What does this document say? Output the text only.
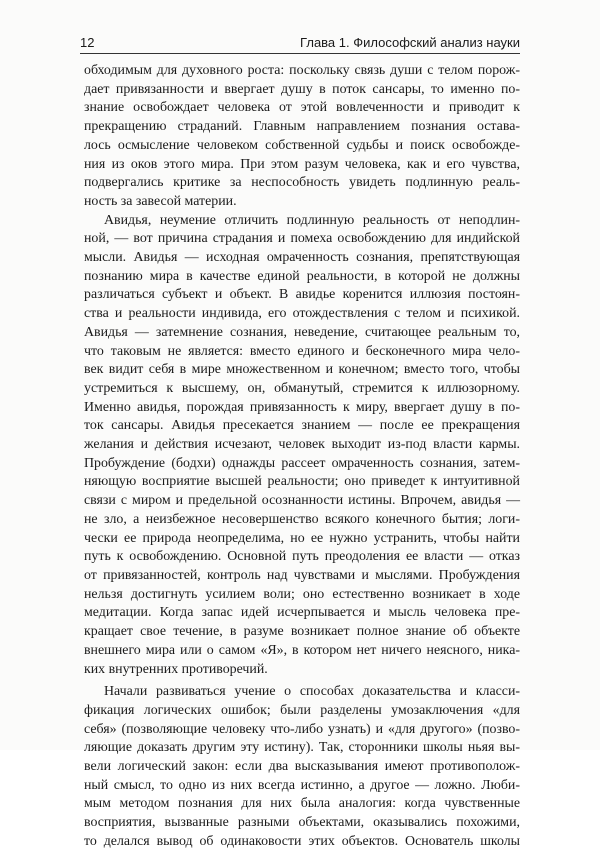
12	Глава 1. Философский анализ науки
обходимым для духовного роста: поскольку связь души с телом порож-
дает привязанности и ввергает душу в поток сансары, то именно по-
знание освобождает человека от этой вовлеченности и приводит к
прекращению страданий. Главным направлением познания остава-
лось осмысление человеком собственной судьбы и поиск освобожде-
ния из оков этого мира. При этом разум человека, как и его чувства,
подвергались критике за неспособность увидеть подлинную реаль-
ность за завесой материи.
Авидья, неумение отличить подлинную реальность от неподлин-
ной, — вот причина страдания и помеха освобождению для индийской
мысли. Авидья — исходная омраченность сознания, препятствующая
познанию мира в качестве единой реальности, в которой не должны
различаться субъект и объект. В авидье коренится иллюзия постоян-
ства и реальности индивида, его отождествления с телом и психикой.
Авидья — затемнение сознания, неведение, считающее реальным то,
что таковым не является: вместо единого и бесконечного мира чело-
век видит себя в мире множественном и конечном; вместо того, чтобы
устремиться к высшему, он, обманутый, стремится к иллюзорному.
Именно авидья, порождая привязанность к миру, ввергает душу в по-
ток сансары. Авидья пресекается знанием — после ее прекращения
желания и действия исчезают, человек выходит из-под власти кармы.
Пробуждение (бодхи) однажды рассеет омраченность сознания, затем-
няющую восприятие высшей реальности; оно приведет к интуитивной
связи с миром и предельной осознанности истины. Впрочем, авидья —
не зло, а неизбежное несовершенство всякого конечного бытия; логи-
чески ее природа неопределима, но ее нужно устранить, чтобы найти
путь к освобождению. Основной путь преодоления ее власти — отказ
от привязанностей, контроль над чувствами и мыслями. Пробуждения
нельзя достигнуть усилием воли; оно естественно возникает в ходе
медитации. Когда запас идей исчерпывается и мысль человека пре-
кращает свое течение, в разуме возникает полное знание об объекте
внешнего мира или о самом «Я», в котором нет ничего неясного, ника-
ких внутренних противоречий.
Начали развиваться учение о способах доказательства и класси-
фикация логических ошибок; были разделены умозаключения «для
себя» (позволяющие человеку что-либо узнать) и «для другого» (позво-
ляющие доказать другим эту истину). Так, сторонники школы ньяя вы-
вели логический закон: если два высказывания имеют противополож-
ный смысл, то одно из них всегда истинно, а другое — ложно. Люби-
мым методом познания для них была аналогия: когда чувственные
восприятия, вызванные разными объектами, оказывались похожими,
то делался вывод об одинаковости этих объектов. Основатель школы
